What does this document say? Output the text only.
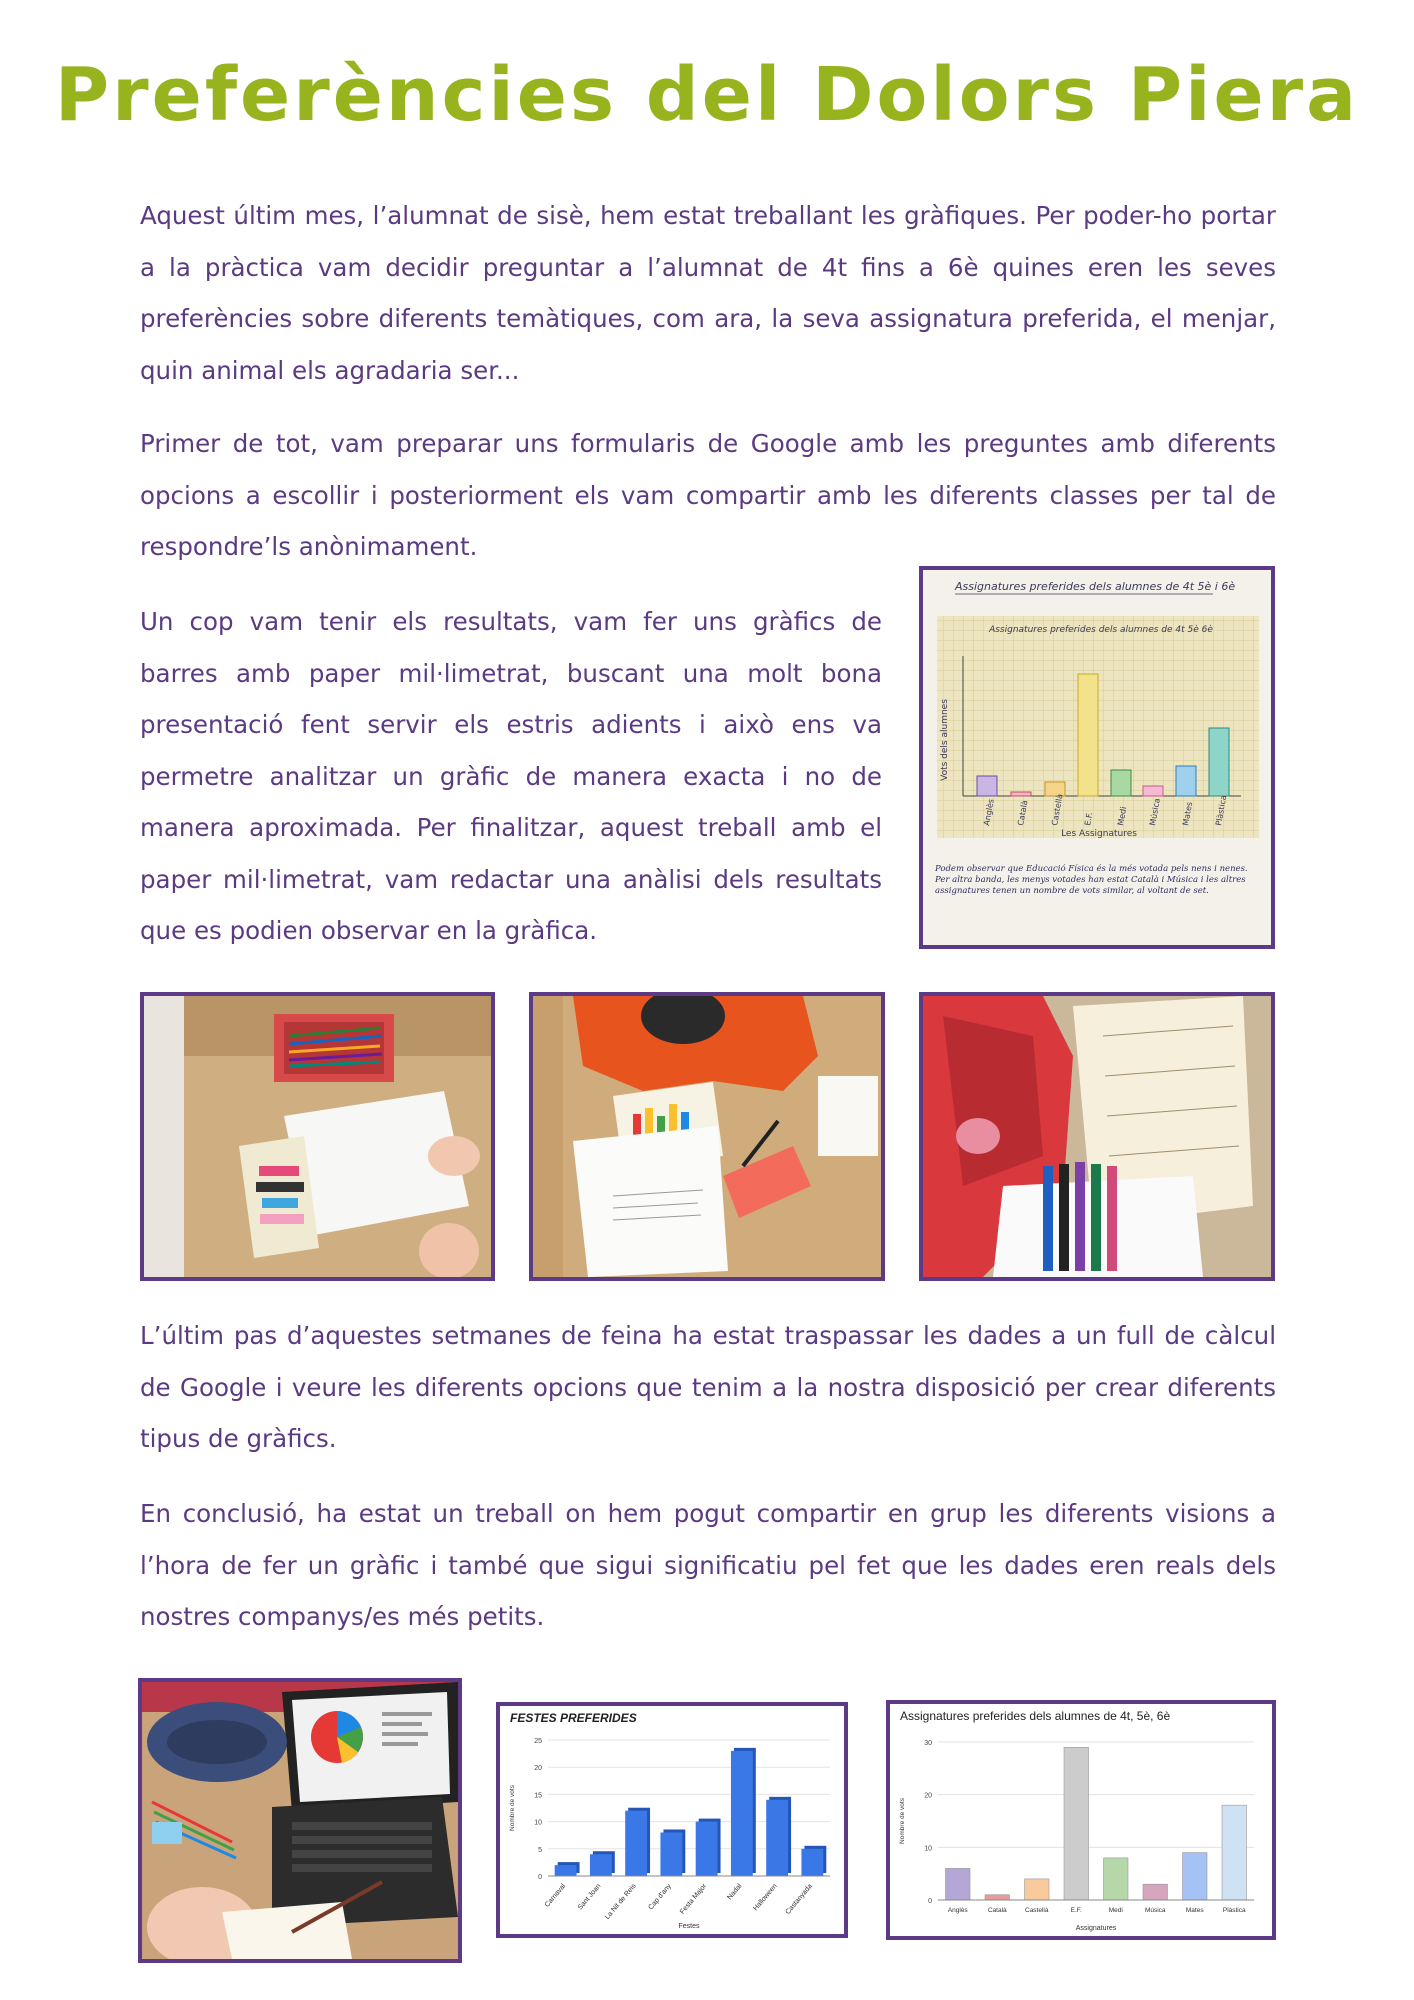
Preferències del Dolors Piera

Aquest últim mes, l’alumnat de sisè, hem estat treballant les gràfiques. Per poder-ho portar a la pràctica vam decidir preguntar a l’alumnat de 4t fins a 6è quines eren les seves preferències sobre diferents temàtiques, com ara, la seva assignatura preferida, el menjar, quin animal els agradaria ser...

Primer de tot, vam preparar uns formularis de Google amb les preguntes amb diferents opcions a escollir i posteriorment els vam compartir amb les diferents classes per tal de respondre’ls anònimament.

Un cop vam tenir els resultats, vam fer uns gràfics de barres amb paper mil·limetrat, buscant una molt bona presentació fent servir els estris adients i això ens va permetre analitzar un gràfic de manera exacta i no de manera aproximada. Per finalitzar, aquest treball amb el paper mil·limetrat, vam redactar una anàlisi dels resultats que es podien observar en la gràfica.

Assignatures preferides dels alumnes de 4t 5è i 6è
Assignatures preferides dels alumnes de 4t 5è 6è
Vots dels alumnes
Anglès	Català	Castellà E.F.	Medi Música Mates Plàstica
Les Assignatures
Podem observar que Educació Física és la més votada pels nens i nenes. Per altra banda, les menys votades han estat Català i Música i les altres assignatures tenen un nombre de vots similar, al voltant de set.

L’últim pas d’aquestes setmanes de feina ha estat traspassar les dades a un full de càlcul de Google i veure les diferents opcions que tenim a la nostra disposició per crear diferents tipus de gràfics.

En conclusió, ha estat un treball on hem pogut compartir en grup les diferents visions a l’hora de fer un gràfic i també que sigui significatiu pel fet que les dades eren reals dels nostres companys/es més petits.

FESTES PREFERIDES
0
5
10
15
20
25
Nombre de vots
Carnaval Sant Joan La Nit de Reis Cap d'any Festa Major	Nadal Halloween Castanyada
Festes
Assignatures preferides dels alumnes de 4t, 5è, 6è
0
10
20
30
Nombre de vots
Anglès	Català	Castellà	E.F.	Medi	Música	Mates	Plàstica
Assignatures
